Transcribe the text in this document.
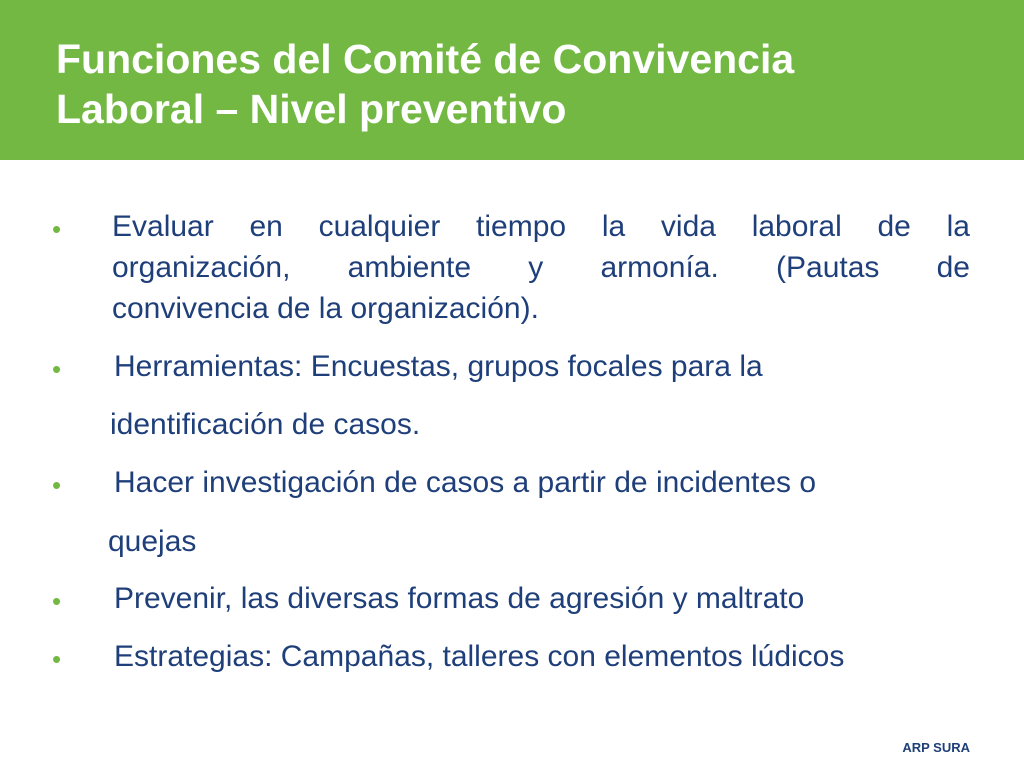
Funciones del Comité de Convivencia
Laboral – Nivel preventivo
• Evaluar en cualquier tiempo la vida laboral de la
organización, ambiente y armonía. (Pautas de
convivencia de la organización).
• Herramientas: Encuestas, grupos focales para la
identificación de casos.
• Hacer investigación de casos a partir de incidentes o
quejas
• Prevenir, las diversas formas de agresión y maltrato
• Estrategias: Campañas, talleres con elementos lúdicos
ARP SURA
